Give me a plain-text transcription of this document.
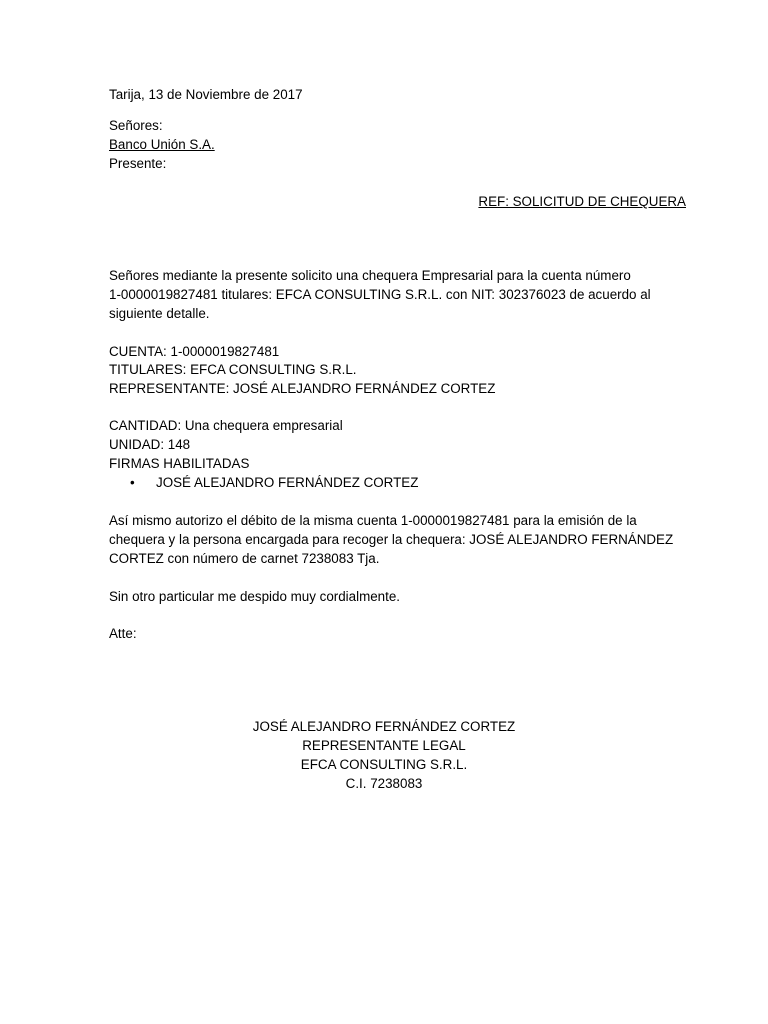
Tarija, 13 de Noviembre de 2017
Señores:
Banco Unión S.A.
Presente:
REF: SOLICITUD DE CHEQUERA
Señores mediante la presente solicito una chequera Empresarial para la cuenta número
1-0000019827481 titulares: EFCA CONSULTING S.R.L. con NIT: 302376023 de acuerdo al
siguiente detalle.
CUENTA: 1-0000019827481
TITULARES: EFCA CONSULTING S.R.L.
REPRESENTANTE: JOSÉ ALEJANDRO FERNÁNDEZ CORTEZ
CANTIDAD: Una chequera empresarial
UNIDAD: 148
FIRMAS HABILITADAS
• JOSÉ ALEJANDRO FERNÁNDEZ CORTEZ
Así mismo autorizo el débito de la misma cuenta 1-0000019827481 para la emisión de la
chequera y la persona encargada para recoger la chequera: JOSÉ ALEJANDRO FERNÁNDEZ
CORTEZ con número de carnet 7238083 Tja.
Sin otro particular me despido muy cordialmente.
Atte:
JOSÉ ALEJANDRO FERNÁNDEZ CORTEZ
REPRESENTANTE LEGAL
EFCA CONSULTING S.R.L.
C.I. 7238083
